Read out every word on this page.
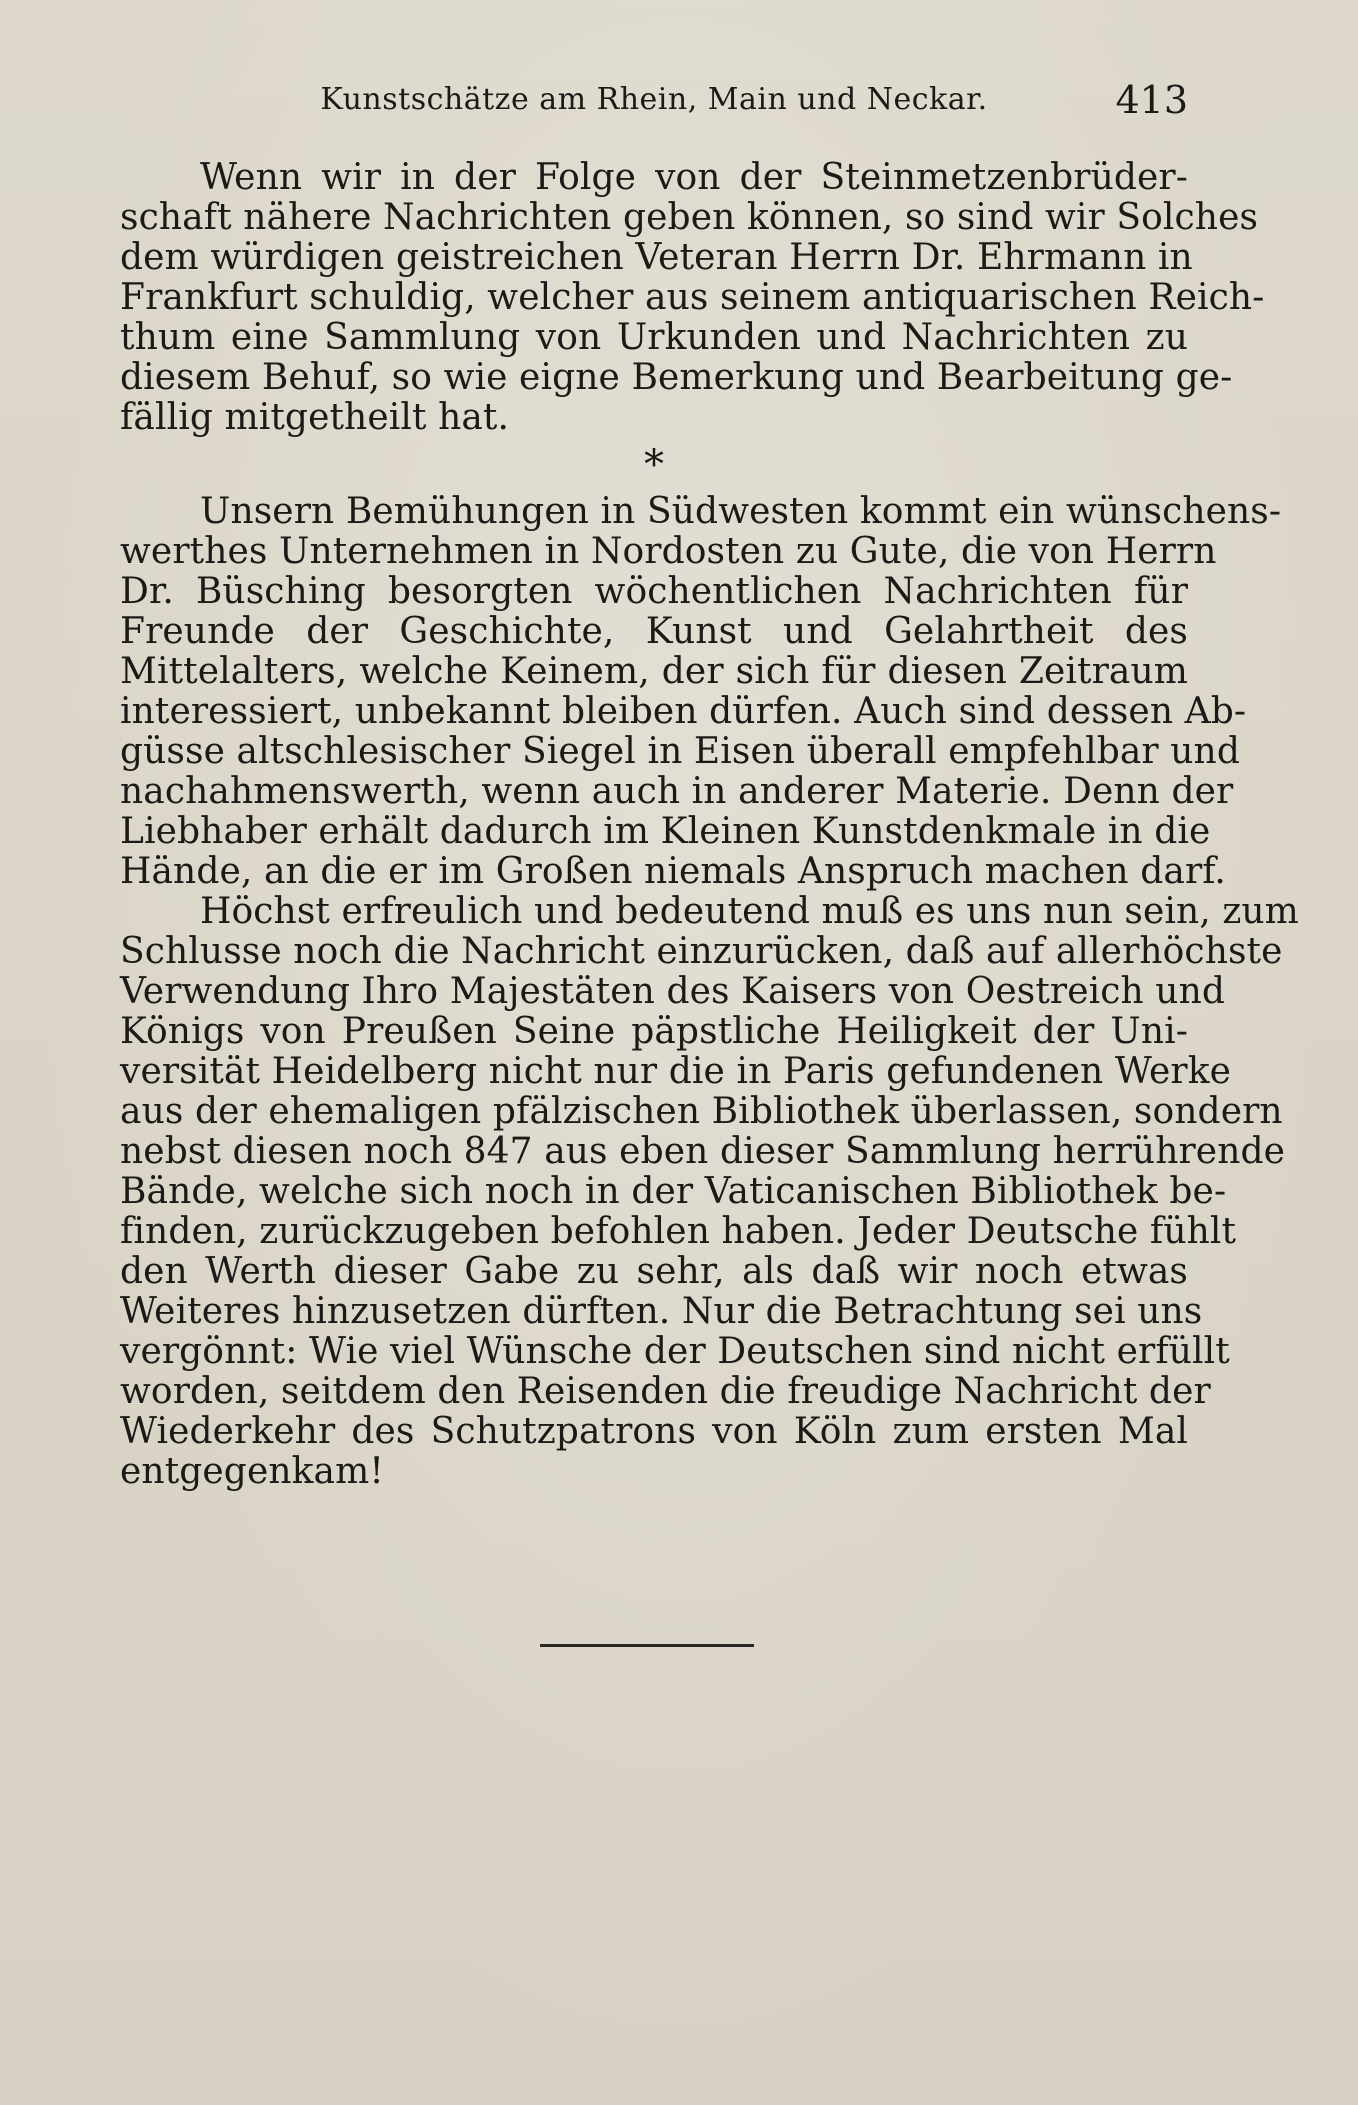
Kunstschätze am Rhein, Main und Neckar.	413
Wenn wir in der Folge von der Steinmetzenbrüder-
schaft nähere Nachrichten geben können, so sind wir Solches
dem würdigen geistreichen Veteran Herrn Dr. Ehrmann in
Frankfurt schuldig, welcher aus seinem antiquarischen Reich-
thum eine Sammlung von Urkunden und Nachrichten zu
diesem Behuf, so wie eigne Bemerkung und Bearbeitung ge-
fällig mitgetheilt hat.
*
Unsern Bemühungen in Südwesten kommt ein wünschens-
werthes Unternehmen in Nordosten zu Gute, die von Herrn
Dr. Büsching besorgten wöchentlichen Nachrichten für
Freunde der Geschichte, Kunst und Gelahrtheit des
Mittelalters, welche Keinem, der sich für diesen Zeitraum
interessiert, unbekannt bleiben dürfen. Auch sind dessen Ab-
güsse altschlesischer Siegel in Eisen überall empfehlbar und
nachahmenswerth, wenn auch in anderer Materie. Denn der
Liebhaber erhält dadurch im Kleinen Kunstdenkmale in die
Hände, an die er im Großen niemals Anspruch machen darf.
Höchst erfreulich und bedeutend muß es uns nun sein, zum
Schlusse noch die Nachricht einzurücken, daß auf allerhöchste
Verwendung Ihro Majestäten des Kaisers von Oestreich und
Königs von Preußen Seine päpstliche Heiligkeit der Uni-
versität Heidelberg nicht nur die in Paris gefundenen Werke
aus der ehemaligen pfälzischen Bibliothek überlassen, sondern
nebst diesen noch 847 aus eben dieser Sammlung herrührende
Bände, welche sich noch in der Vaticanischen Bibliothek be-
finden, zurückzugeben befohlen haben. Jeder Deutsche fühlt
den Werth dieser Gabe zu sehr, als daß wir noch etwas
Weiteres hinzusetzen dürften. Nur die Betrachtung sei uns
vergönnt: Wie viel Wünsche der Deutschen sind nicht erfüllt
worden, seitdem den Reisenden die freudige Nachricht der
Wiederkehr des Schutzpatrons von Köln zum ersten Mal
entgegenkam!
